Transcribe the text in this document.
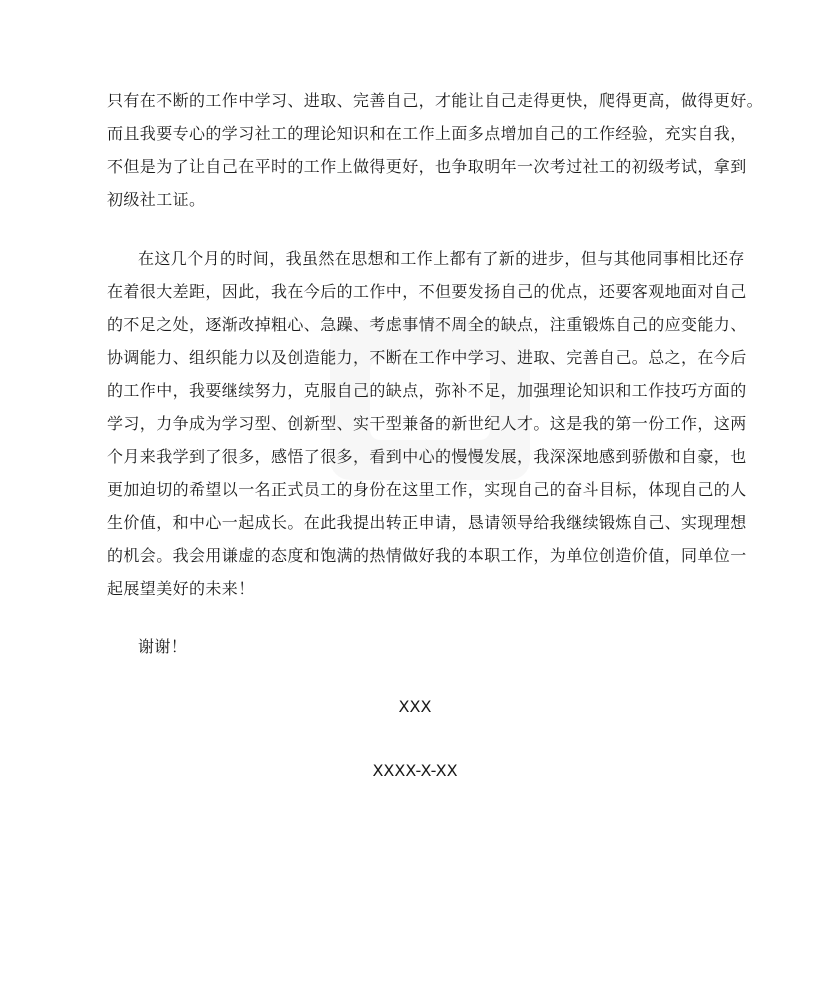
只有在不断的工作中学习、进取、完善自己，才能让自己走得更快，爬得更高，做得更好。
而且我要专心的学习社工的理论知识和在工作上面多点增加自己的工作经验，充实自我，
不但是为了让自己在平时的工作上做得更好，也争取明年一次考过社工的初级考试，拿到
初级社工证。
在这几个月的时间，我虽然在思想和工作上都有了新的进步，但与其他同事相比还存
在着很大差距，因此，我在今后的工作中，不但要发扬自己的优点，还要客观地面对自己
的不足之处，逐渐改掉粗心、急躁、考虑事情不周全的缺点，注重锻炼自己的应变能力、
协调能力、组织能力以及创造能力，不断在工作中学习、进取、完善自己。总之，在今后
的工作中，我要继续努力，克服自己的缺点，弥补不足，加强理论知识和工作技巧方面的
学习，力争成为学习型、创新型、实干型兼备的新世纪人才。这是我的第一份工作，这两
个月来我学到了很多，感悟了很多，看到中心的慢慢发展，我深深地感到骄傲和自豪，也
更加迫切的希望以一名正式员工的身份在这里工作，实现自己的奋斗目标，体现自己的人
生价值，和中心一起成长。在此我提出转正申请，恳请领导给我继续锻炼自己、实现理想
的机会。我会用谦虚的态度和饱满的热情做好我的本职工作，为单位创造价值，同单位一
起展望美好的未来！
谢谢！
XXX
XXXX-X-XX
